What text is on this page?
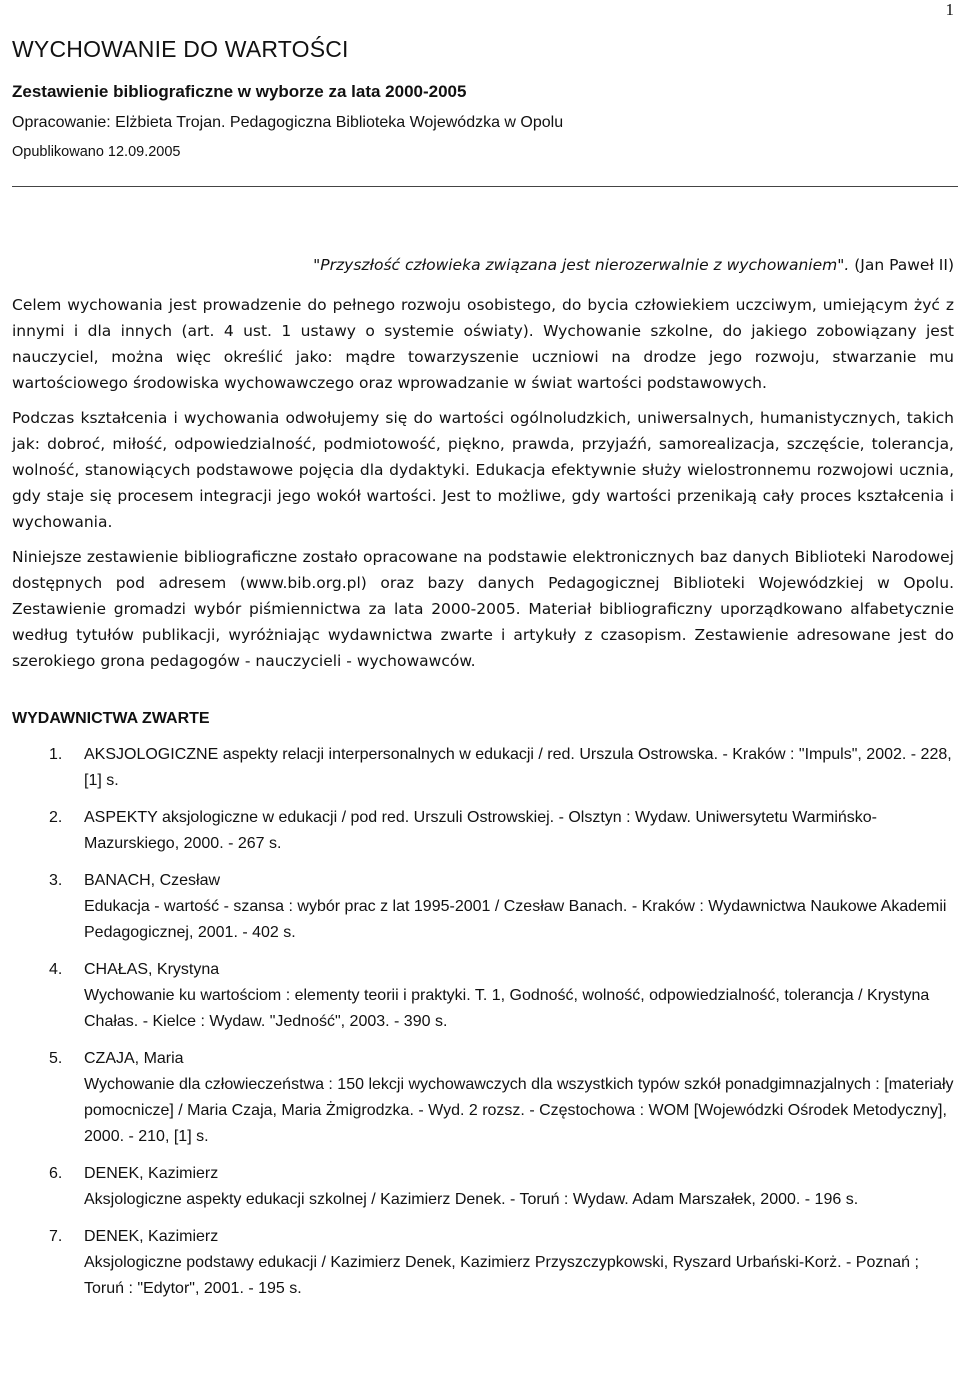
1
WYCHOWANIE DO WARTOŚCI
Zestawienie bibliograficzne w wyborze za lata 2000-2005
Opracowanie: Elżbieta Trojan. Pedagogiczna Biblioteka Wojewódzka w Opolu
Opublikowano 12.09.2005
"Przyszłość człowieka związana jest nierozerwalnie z wychowaniem". (Jan Paweł II)

Celem wychowania jest prowadzenie do pełnego rozwoju osobistego, do bycia człowiekiem uczciwym, umiejącym żyć z innymi i dla innych (art. 4 ust. 1 ustawy o systemie oświaty). Wychowanie szkolne, do jakiego zobowiązany jest nauczyciel, można więc określić jako: mądre towarzyszenie uczniowi na drodze jego rozwoju, stwarzanie mu wartościowego środowiska wychowawczego oraz wprowadzanie w świat wartości podstawowych.

Podczas kształcenia i wychowania odwołujemy się do wartości ogólnoludzkich, uniwersalnych, humanistycznych, takich jak: dobroć, miłość, odpowiedzialność, podmiotowość, piękno, prawda, przyjaźń, samorealizacja, szczęście, tolerancja, wolność, stanowiących podstawowe pojęcia dla dydaktyki. Edukacja efektywnie służy wielostronnemu rozwojowi ucznia, gdy staje się procesem integracji jego wokół wartości. Jest to możliwe, gdy wartości przenikają cały proces kształcenia i wychowania.

Niniejsze zestawienie bibliograficzne zostało opracowane na podstawie elektronicznych baz danych Biblioteki Narodowej dostępnych pod adresem (www.bib.org.pl) oraz bazy danych Pedagogicznej Biblioteki Wojewódzkiej w Opolu. Zestawienie gromadzi wybór piśmiennictwa za lata 2000-2005. Materiał bibliograficzny uporządkowano alfabetycznie według tytułów publikacji, wyróżniając wydawnictwa zwarte i artykuły z czasopism. Zestawienie adresowane jest do szerokiego grona pedagogów - nauczycieli - wychowawców.

WYDAWNICTWA ZWARTE
1. AKSJOLOGICZNE aspekty relacji interpersonalnych w edukacji / red. Urszula Ostrowska. - Kraków : "Impuls", 2002. - 228, [1] s.
2. ASPEKTY aksjologiczne w edukacji / pod red. Urszuli Ostrowskiej. - Olsztyn : Wydaw. Uniwersytetu Warmińsko-Mazurskiego, 2000. - 267 s.
3. BANACH, Czesław
Edukacja - wartość - szansa : wybór prac z lat 1995-2001 / Czesław Banach. - Kraków : Wydawnictwa Naukowe Akademii Pedagogicznej, 2001. - 402 s.
4. CHAŁAS, Krystyna
Wychowanie ku wartościom : elementy teorii i praktyki. T. 1, Godność, wolność, odpowiedzialność, tolerancja / Krystyna Chałas. - Kielce : Wydaw. "Jedność", 2003. - 390 s.
5. CZAJA, Maria
Wychowanie dla człowieczeństwa : 150 lekcji wychowawczych dla wszystkich typów szkół ponadgimnazjalnych : [materiały pomocnicze] / Maria Czaja, Maria Żmigrodzka. - Wyd. 2 rozsz. - Częstochowa : WOM [Wojewódzki Ośrodek Metodyczny], 2000. - 210, [1] s.
6. DENEK, Kazimierz
Aksjologiczne aspekty edukacji szkolnej / Kazimierz Denek. - Toruń : Wydaw. Adam Marszałek, 2000. - 196 s.
7. DENEK, Kazimierz
Aksjologiczne podstawy edukacji / Kazimierz Denek, Kazimierz Przyszczypkowski, Ryszard Urbański-Korż. - Poznań ; Toruń : "Edytor", 2001. - 195 s.
